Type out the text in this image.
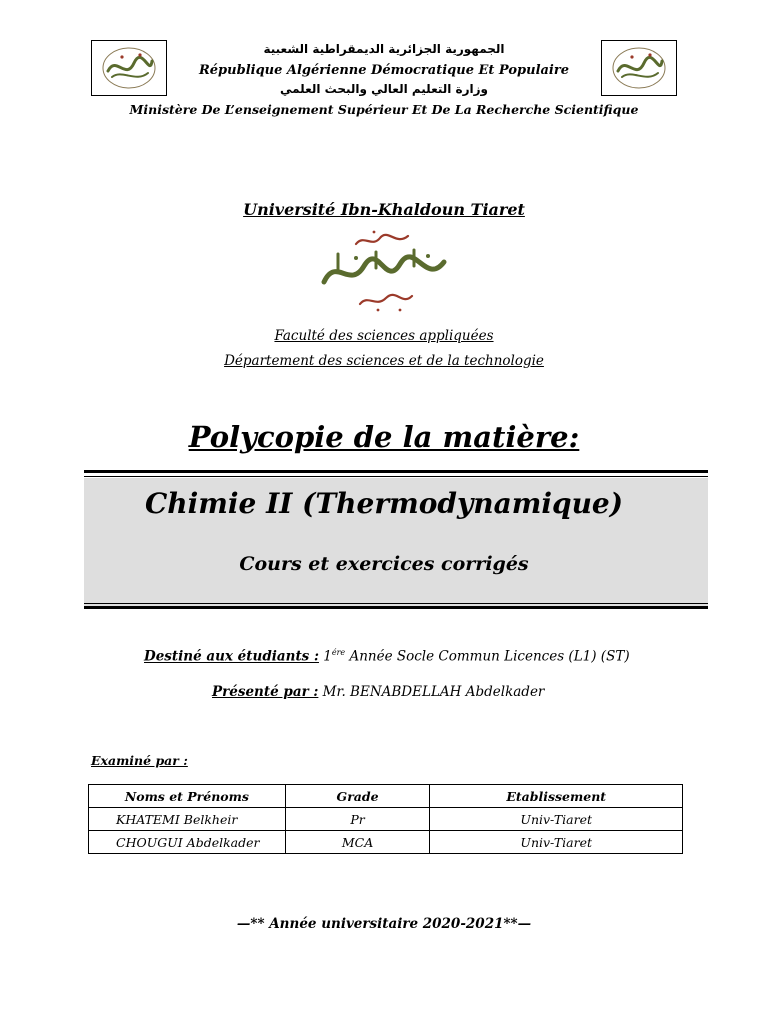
الجمهورية الجزائرية الديمقراطية الشعبية
République Algérienne Démocratique Et Populaire
وزارة التعليم العالي والبحث العلمي
Ministère De L’enseignement Supérieur Et De La Recherche Scientifique
Université Ibn-Khaldoun Tiaret
Faculté des sciences appliquées
Département des sciences et de la technologie
Polycopie de la matière:
Chimie II (Thermodynamique)
Cours et exercices corrigés
Destiné aux étudiants : $1^{ére}$ Année Socle Commun Licences (L1) (ST)
Présenté par : Mr. BENABDELLAH Abdelkader
Examiné par :
Noms et Prénoms	Grade	Etablissement
KHATEMI Belkheir	Pr	Univ-Tiaret
CHOUGUI Abdelkader	MCA	Univ-Tiaret
—** Année universitaire 2020-2021**—
